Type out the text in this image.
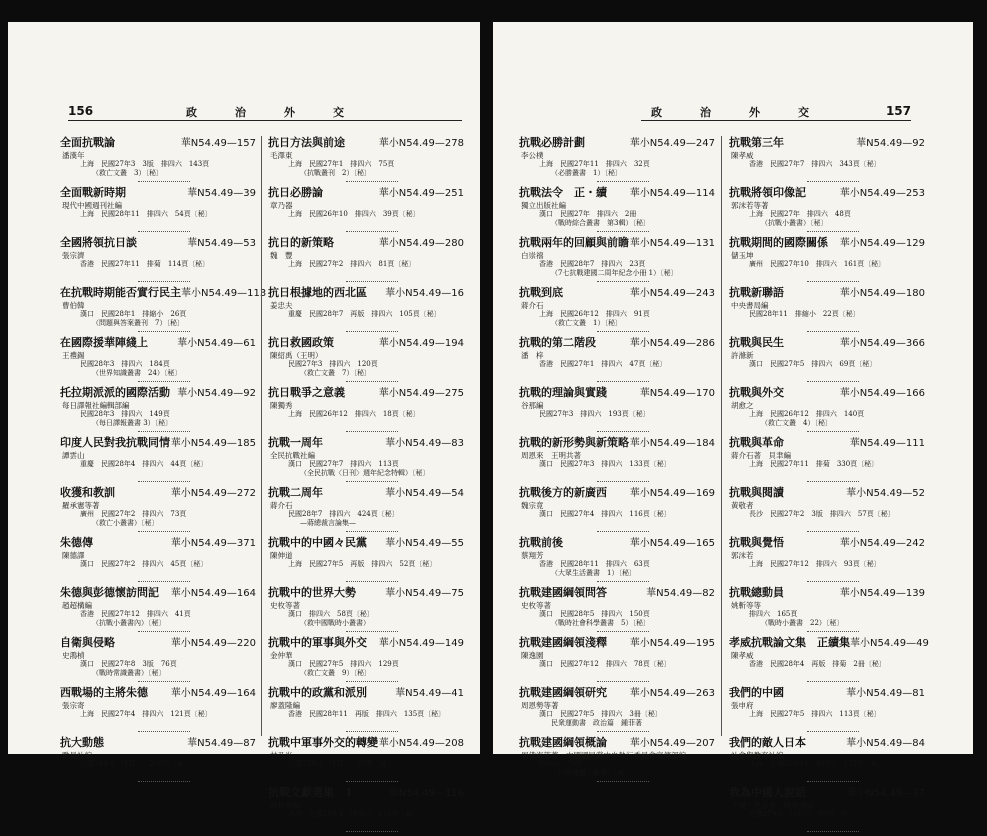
156	政	治	外	交
全面抗戰論	華N54.49—157
潘漢年
上海　民國27年3　3版　排四六　143頁
（救亡文叢　3）〔秘〕
全面戰新時期	華N54.49—39
現代中國週刊社編
上海　民國28年11　排四六　54頁〔秘〕
全國將領抗日談	華N54.49—53
張宗濟
香港　民國27年11　排菊　114頁〔秘〕
在抗戰時期能否實行民主 華小N54.49—113
曹伯韓
漢口　民國28年1　排縮小　26頁
（問題與答案叢刊　7）〔秘〕
在國際援華陣綫上	華小N54.49—61
王禮錫
民國28年3　排四六　184頁
（世界知識叢書　24）〔秘〕
托拉期派派的國際活動 華小N54.49—92
每日譯報社編輯部編
民國28年3　排四六　149頁
（每日譯報叢書 3）〔秘〕
印度人民對我抗戰同情 華小N54.49—185
譚雲山
重慶　民國28年4　排四六　44頁〔秘〕
收獲和教訓	華小N54.49—272
羅承憲等著
廣州　民國27年2　排四六　73頁
（救亡小叢書）〔秘〕
朱德傳	華小N54.49—371
陳德譯
漢口　民國27年2　排四六　45頁〔秘〕
朱德與彭德懷訪問記 華小N54.49—164
趙超構編
香港　民國27年12　排四六　41頁
（抗戰小叢書內）〔秘〕
自衛與侵略	華小N54.49—220
史鴻楨
漢口　民國27年8　3版　76頁
（戰時常識叢書）〔秘〕
西戰場的主將朱德 華小N54.49—164
張宗寄
上海　民國27年4　排四六　121頁〔秘〕
抗大動態	華N54.49—87
勵貝社編
民國28年8　排四六　230頁〔秘〕
抗日方法與前途	華小N54.49—278
毛澤東
上海　民國27年1　排四六　75頁
（抗戰叢刊　2）〔秘〕
抗日必勝論	華小N54.49—251
章乃器
上海　民國26年10　排四六　39頁〔秘〕
抗日的新策略	華小N54.49—280
魏　豐
上海　民國27年2　排四六　81頁〔秘〕
抗日根據地的西北區 華小N54.49—16
姜忠夫
重慶　民國28年7　再版　排四六　105頁〔秘〕
抗日救國政策	華小N54.49—194
陳紹禹（王明）
民國27年3　排四六　120頁
（救亡文叢　7）〔秘〕
抗日戰爭之意義	華小N54.49—275
陳獨秀
上海　民國26年12　排四六　18頁〔秘〕
抗戰一周年	華小N54.49—83
全民抗戰社編
漢口　民國27年7　排四六　113頁
（全民抗戰〈日刊〉週年紀念特輯）〔秘〕
抗戰二周年	華小N54.49—54
蔣介石
民國28年7　排四六　424頁〔秘〕
—蔣總裁言論集—
抗戰中的中國々民黨 華小N54.49—55
陳伸道
上海　民國27年5　再版　排四六　52頁〔秘〕
抗戰中的世界大勢	華小N54.49—75
史枚等著
漢口　排四六　58頁〔秘〕
（救中國戰時小叢書）
抗戰中的軍事與外交 華小N54.49—149
金仲華
漢口　民國27年5　排四六　129頁
（救亡文叢　9）〔秘〕
抗戰中的政黨和派別	華N54.49—41
廖蓋隆編
香港　民國28年11　再版　排四六　135頁〔秘〕
抗戰中軍事外交的轉變 華小N54.49—208
甘乃光
民國27年3　排四六　70頁〔秘〕
抗戰文獻選集　1	華N54.49—116
顧甚章編
香港　民國28年4　排四六　118頁〔秘〕
政	治	外	交	157
抗戰必勝計劃	華小N54.49—247
李公樸
上海　民國27年11　排四六　32頁
（必勝叢書　1）〔秘〕
抗戰法令　正・續 華小N54.49—114
獨立出版社編
漢口　民國27年　排四六　2冊
（戰時綜合叢書　第3輯）〔秘〕
抗戰兩年的回顧與前瞻 華小N54.49—131
白崇禧
香港　民國28年7　排四六　23頁
（7七抗戰建國二周年紀念小冊 1）〔秘〕
抗戰到底	華小N54.49—243
蔣介石
上海　民國26年12　排四六　91頁
（救亡文叢　1）〔秘〕
抗戰的第二階段	華小N54.49—286
潘　梓
香港　民國27年1　排四六　47頁〔秘〕
抗戰的理論與實踐	華N54.49—170
谷那編
民國27年3　排四六　193頁〔秘〕
抗戰的新形勢與新策略 華小N54.49—184
周恩來　王明共著
漢口　民國27年3　排四六　133頁〔秘〕
抗戰後方的新廣西 華小N54.49—169
魏宗竟
漢口　民國27年4　排四六　116頁〔秘〕
抗戰前後	華小N54.49—165
蔡翔芳
香港　民國28年11　排四六　63頁
（大眾生活叢書　1）〔秘〕
抗戰建國綱領問答	華N54.49—82
史枚等著
漢口　民國28年5　排四六　150頁
（戰時社會科學叢書　5）〔秘〕
抗戰建國綱領淺釋 華小N54.49—195
陳逸園
漢口　民國27年12　排四六　78頁〔秘〕
抗戰建國綱領研究 華小N54.49—263
周恩勢等著
漢口　民國27年5　排四六　3冊〔秘〕
民衆運動書　政治篇　鍾菲著
抗戰建國綱領概論 華小N54.49—207
周佛海等著　中國國民黨中央執行委員會宣傳部編
排四六　70頁
（抗戰建國小叢書）〔秘〕
抗戰第三年	華N54.49—92
陳孝威
香港　民國27年7　排四六　343頁〔秘〕
抗戰將領印像記	華小N54.49—253
郭沫若等著
上海　民國27年　排四六　48頁
（抗戰小叢書）〔秘〕
抗戰期間的國際關係 華小N54.49—129
儲玉坤
廣州　民國27年10　排四六　161頁〔秘〕
抗戰新聯語	華小N54.49—180
中央書局編
民國28年11　排縮小　22頁〔秘〕
抗戰與民生	華小N54.49—366
許滌新
漢口　民國27年5　排四六　69頁〔秘〕
抗戰與外交	華小N54.49—166
胡愈之
上海　民國26年12　排四六　140頁
（救亡文叢　4）〔秘〕
抗戰與革命	華N54.49—111
蔣介石著　貝聿編
上海　民國27年11　排菊　330頁〔秘〕
抗戰與閱讀	華小N54.49—52
黃敬者
長沙　民國27年2　3版　排四六　57頁〔秘〕
抗戰與覺悟	華小N54.49—242
郭沫若
上海　民國27年12　排四六　93頁〔秘〕
抗戰總動員	華小N54.49—139
姚斬等等
排四六　165頁
（戰時小叢書　22）〔秘〕
孝威抗戰論文集　正續集 華小N54.49—49
陳孝威
香港　民國28年4　再版　排菊　2冊〔秘〕
我們的中國	華小N54.49—81
張申府
上海　民國27年5　排四六　113頁〔秘〕
我們的敵人日本	華小N54.49—84
社會與教育社編
上海　民國26年11　排四六　172頁〔秘〕
我為中國人說話	華小N54.49—37
卡爾・克洛著　陳庚譯譯
民國27年6　排四六　89頁〔秘〕
